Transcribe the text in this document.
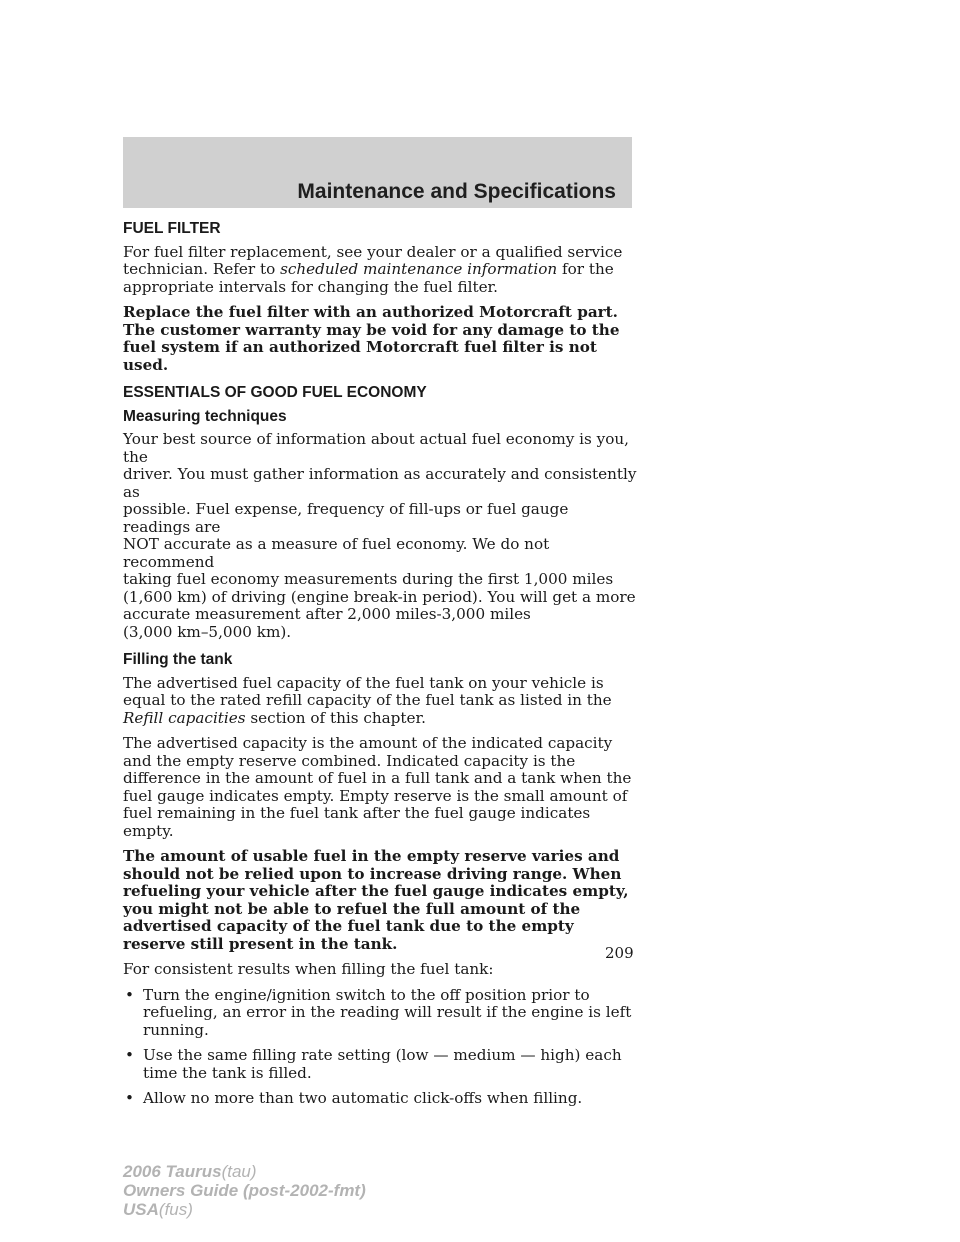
Maintenance and Specifications
FUEL FILTER

For fuel filter replacement, see your dealer or a qualified service technician. Refer to scheduled maintenance information for the appropriate intervals for changing the fuel filter.

Replace the fuel filter with an authorized Motorcraft part. The customer warranty may be void for any damage to the fuel system if an authorized Motorcraft fuel filter is not used.

ESSENTIALS OF GOOD FUEL ECONOMY
Measuring techniques

Your best source of information about actual fuel economy is you, the
driver. You must gather information as accurately and consistently as
possible. Fuel expense, frequency of fill-ups or fuel gauge readings are
NOT accurate as a measure of fuel economy. We do not recommend
taking fuel economy measurements during the first 1,000 miles
(1,600 km) of driving (engine break-in period). You will get a more
accurate measurement after 2,000 miles-3,000 miles
(3,000 km–5,000 km).

Filling the tank

The advertised fuel capacity of the fuel tank on your vehicle is equal to the rated refill capacity of the fuel tank as listed in the Refill capacities section of this chapter.

The advertised capacity is the amount of the indicated capacity and the empty reserve combined. Indicated capacity is the difference in the amount of fuel in a full tank and a tank when the fuel gauge indicates empty. Empty reserve is the small amount of fuel remaining in the fuel tank after the fuel gauge indicates empty.

The amount of usable fuel in the empty reserve varies and should not be relied upon to increase driving range. When refueling your vehicle after the fuel gauge indicates empty, you might not be able to refuel the full amount of the advertised capacity of the fuel tank due to the empty reserve still present in the tank.

For consistent results when filling the fuel tank:

• Turn the engine/ignition switch to the off position prior to refueling, an error in the reading will result if the engine is left running.
• Use the same filling rate setting (low — medium — high) each time the tank is filled.
• Allow no more than two automatic click-offs when filling.
209
2006 Taurus(tau)
Owners Guide (post-2002-fmt)
USA(fus)
